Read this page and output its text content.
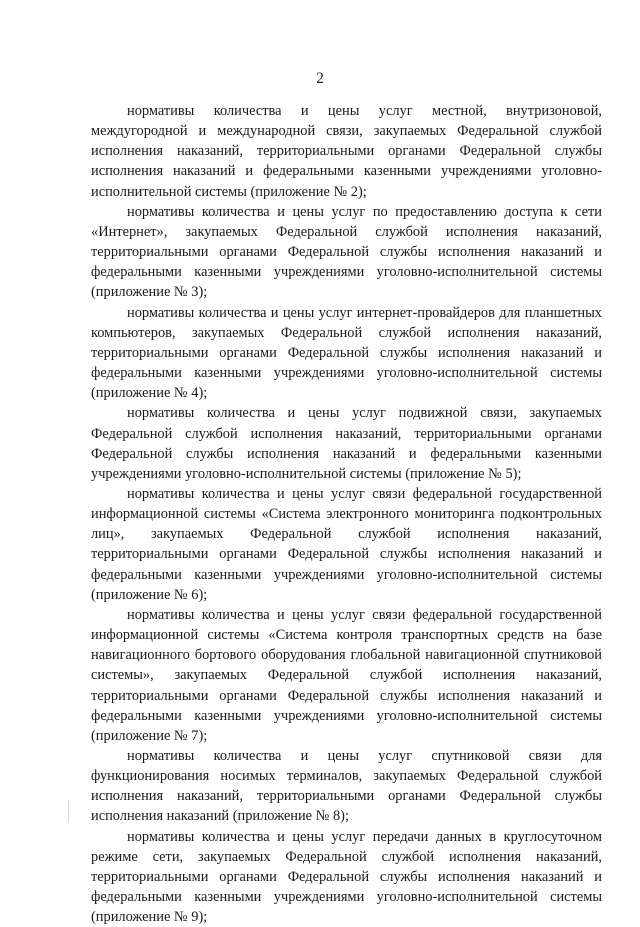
2

нормативы количества и цены услуг местной, внутризоновой, междугородной и международной связи, закупаемых Федеральной службой исполнения наказаний, территориальными органами Федеральной службы исполнения наказаний и федеральными казенными учреждениями уголовно-исполнительной системы (приложение № 2);

нормативы количества и цены услуг по предоставлению доступа к сети «Интернет», закупаемых Федеральной службой исполнения наказаний, территориальными органами Федеральной службы исполнения наказаний и федеральными казенными учреждениями уголовно-исполнительной системы (приложение № 3);

нормативы количества и цены услуг интернет-провайдеров для планшетных компьютеров, закупаемых Федеральной службой исполнения наказаний, территориальными органами Федеральной службы исполнения наказаний и федеральными казенными учреждениями уголовно-исполнительной системы (приложение № 4);

нормативы количества и цены услуг подвижной связи, закупаемых Федеральной службой исполнения наказаний, территориальными органами Федеральной службы исполнения наказаний и федеральными казенными учреждениями уголовно-исполнительной системы (приложение № 5);

нормативы количества и цены услуг связи федеральной государственной информационной системы «Система электронного мониторинга подконтрольных лиц», закупаемых Федеральной службой исполнения наказаний, территориальными органами Федеральной службы исполнения наказаний и федеральными казенными учреждениями уголовно-исполнительной системы (приложение № 6);

нормативы количества и цены услуг связи федеральной государственной информационной системы «Система контроля транспортных средств на базе навигационного бортового оборудования глобальной навигационной спутниковой системы», закупаемых Федеральной службой исполнения наказаний, территориальными органами Федеральной службы исполнения наказаний и федеральными казенными учреждениями уголовно-исполнительной системы (приложение № 7);

нормативы количества и цены услуг спутниковой связи для функционирования носимых терминалов, закупаемых Федеральной службой исполнения наказаний, территориальными органами Федеральной службы исполнения наказаний (приложение № 8);

нормативы количества и цены услуг передачи данных в круглосуточном режиме сети, закупаемых Федеральной службой исполнения наказаний, территориальными органами Федеральной службы исполнения наказаний и федеральными казенными учреждениями уголовно-исполнительной системы (приложение № 9);
